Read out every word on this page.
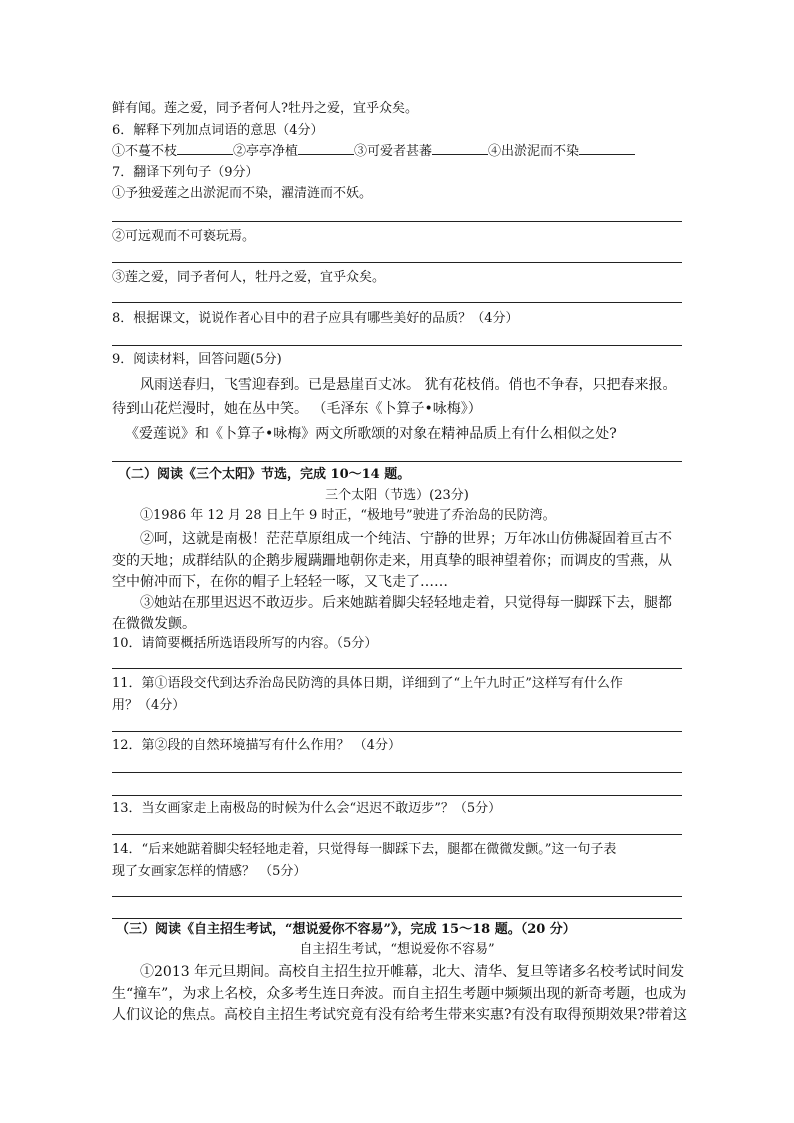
鲜有闻。莲之爱，同予者何人?牡丹之爱，宜乎众矣。
6．解释下列加点词语的意思（4分）
①不蔓不枝	②亭亭净植	③可爱者甚蕃	④出淤泥而不染
7．翻译下列句子（9分）
①予独爱莲之出淤泥而不染，濯清涟而不妖。
②可远观而不可亵玩焉。
③莲之爱，同予者何人，牡丹之爱，宜乎众矣。
8．根据课文，说说作者心目中的君子应具有哪些美好的品质？（4分）
9．阅读材料，回答问题(5分)
风雨送春归，飞雪迎春到。已是悬崖百丈冰。 犹有花枝俏。俏也不争春，只把春来报。
待到山花烂漫时，她在丛中笑。 （毛泽东《卜算子•咏梅》）
《爱莲说》和《卜算子•咏梅》两文所歌颂的对象在精神品质上有什么相似之处?
（二）阅读《三个太阳》节选，完成 10～14 题。
三个太阳（节选）(23分)
①1986 年 12 月 28 日上午 9 时正，“极地号”驶进了乔治岛的民防湾。
②呵，这就是南极！茫茫草原组成一个纯洁、宁静的世界；万年冰山仿佛凝固着亘古不
变的天地；成群结队的企鹅步履蹒跚地朝你走来，用真挚的眼神望着你；而调皮的雪燕，从
空中俯冲而下，在你的帽子上轻轻一啄，又飞走了……
③她站在那里迟迟不敢迈步。后来她踮着脚尖轻轻地走着，只觉得每一脚踩下去，腿都
在微微发颤。
10．请简要概括所选语段所写的内容。（5分）
11．第①语段交代到达乔治岛民防湾的具体日期，详细到了“上午九时正”这样写有什么作
用？（4分）
12．第②段的自然环境描写有什么作用？ （4分）
13．当女画家走上南极岛的时候为什么会“迟迟不敢迈步”？（5分）
14．“后来她踮着脚尖轻轻地走着，只觉得每一脚踩下去，腿都在微微发颤。”这一句子表
现了女画家怎样的情感？ （5分）
（三）阅读《自主招生考试，“想说爱你不容易”》，完成 15～18 题。（20 分）
自主招生考试，“想说爱你不容易”
①2013 年元旦期间。高校自主招生拉开帷幕，北大、清华、复旦等诸多名校考试时间发
生“撞车”，为求上名校，众多考生连日奔波。而自主招生考题中频频出现的新奇考题，也成为
人们议论的焦点。高校自主招生考试究竟有没有给考生带来实惠?有没有取得预期效果?带着这
